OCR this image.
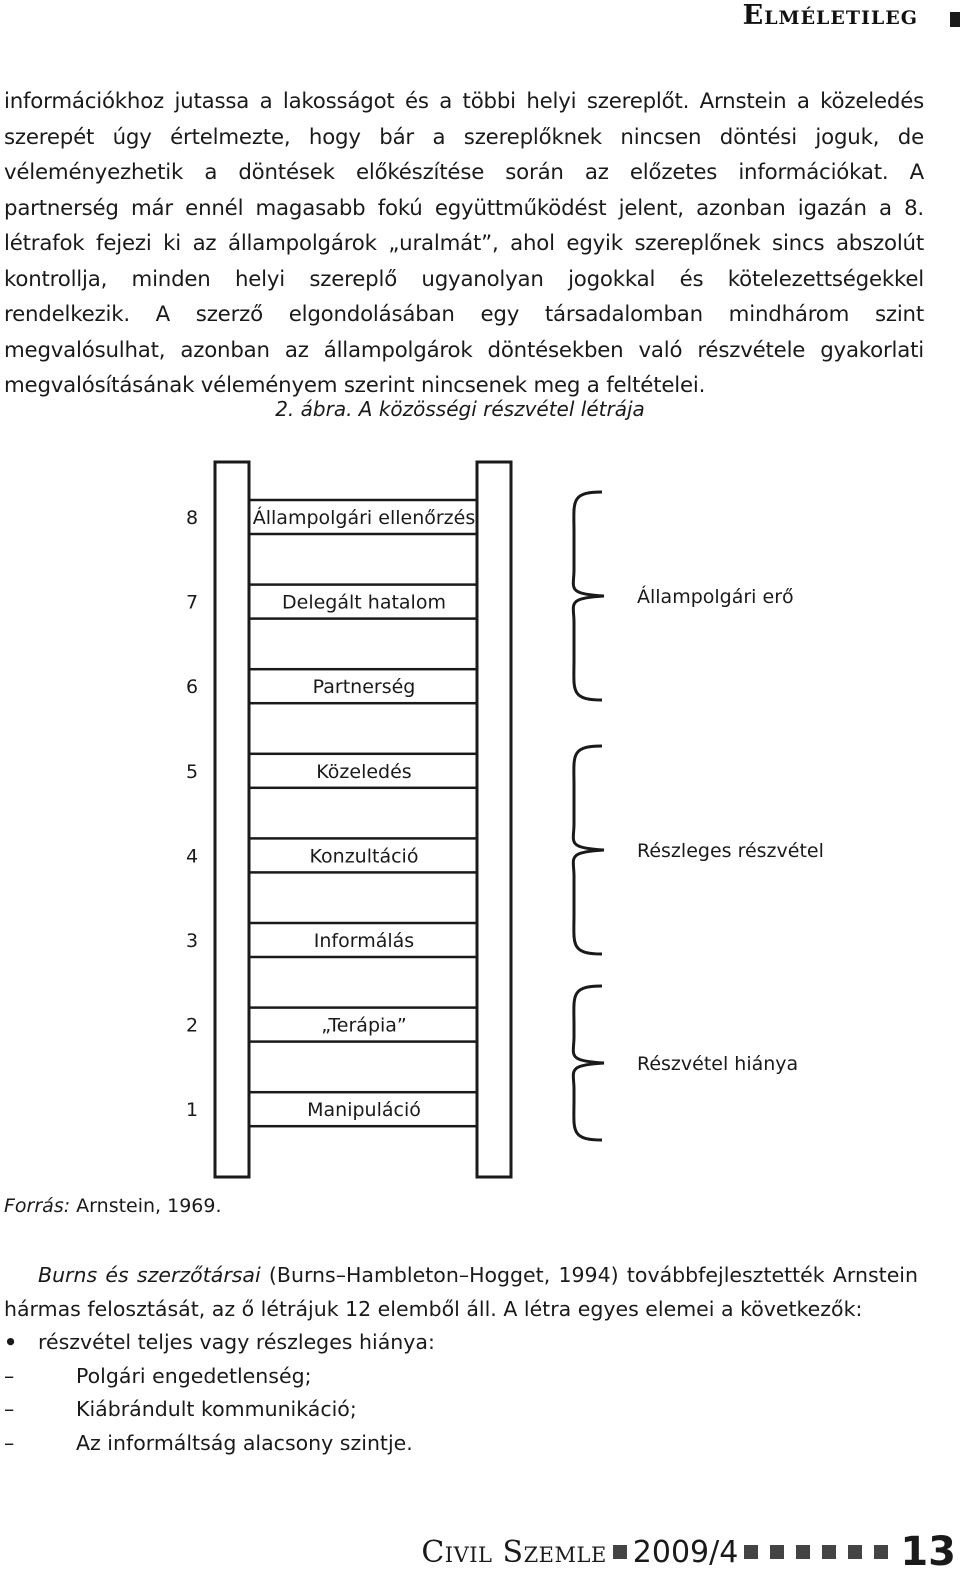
Elméletileg

információkhoz jutassa a lakosságot és a többi helyi szereplőt. Arnstein a közeledés szerepét úgy értelmezte, hogy bár a szereplőknek nincsen döntési joguk, de véleményezhetik a döntések előkészítése során az előzetes információkat. A partnerség már ennél magasabb fokú együttműködést jelent, azonban igazán a 8. létrafok fejezi ki az állampolgárok „uralmát”, ahol egyik szereplőnek sincs abszolút kontrollja, minden helyi szereplő ugyanolyan jogokkal és kötelezettségekkel rendelkezik. A szerző elgondolásában egy társadalomban mindhárom szint megvalósulhat, azonban az állampolgárok döntésekben való részvétele gyakorlati megvalósításának véleményem szerint nincsenek meg a feltételei.

2. ábra. A közösségi részvétel létrája
8	Állampolgári ellenőrzés
7	Delegált hatalom
6	Partnerség
5	Közeledés
4	Konzultáció
3	Informálás
2	„Terápia”
1	Manipuláció
Állampolgári erő
Részleges részvétel
Részvétel hiánya
Forrás: Arnstein, 1969.

Burns és szerzőtársai (Burns–Hambleton–Hogget, 1994) továbbfejlesztették Arnstein hármas felosztását, az ő létrájuk 12 elemből áll. A létra egyes elemei a következők:

• részvétel teljes vagy részleges hiánya:
–	Polgári engedetlenség;
–	Kiábrándult kommunikáció;
–	Az informáltság alacsony szintje.
Civil Szemle 2009/4	13
